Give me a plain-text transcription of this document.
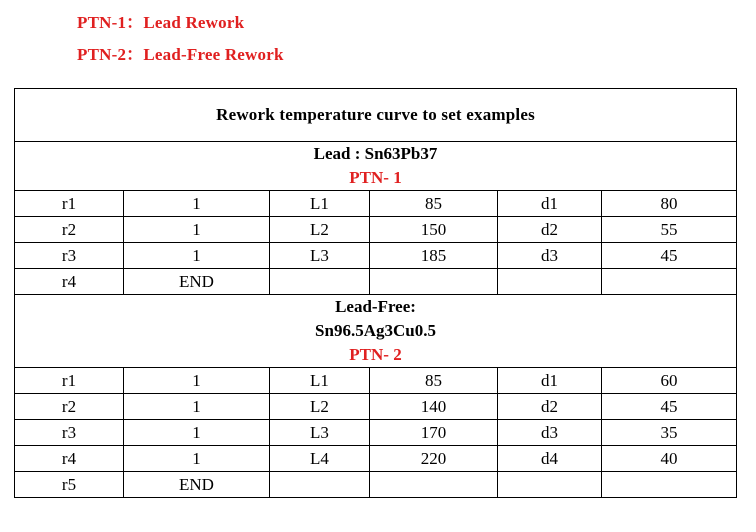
PTN-1：Lead Rework
PTN-2：Lead-Free Rework
Rework temperature curve to set examples					

Lead : Sn63Pb37
PTN- 1					

r1	1	L1	85	d1	80
r2	1	L2	150	d2	55
r3	1	L3	185	d3	45
r4	END				

Lead-Free:
Sn96.5Ag3Cu0.5
PTN- 2					

r1	1	L1	85	d1	60
r2	1	L2	140	d2	45
r3	1	L3	170	d3	35
r4	1	L4	220	d4	40
r5	END				
